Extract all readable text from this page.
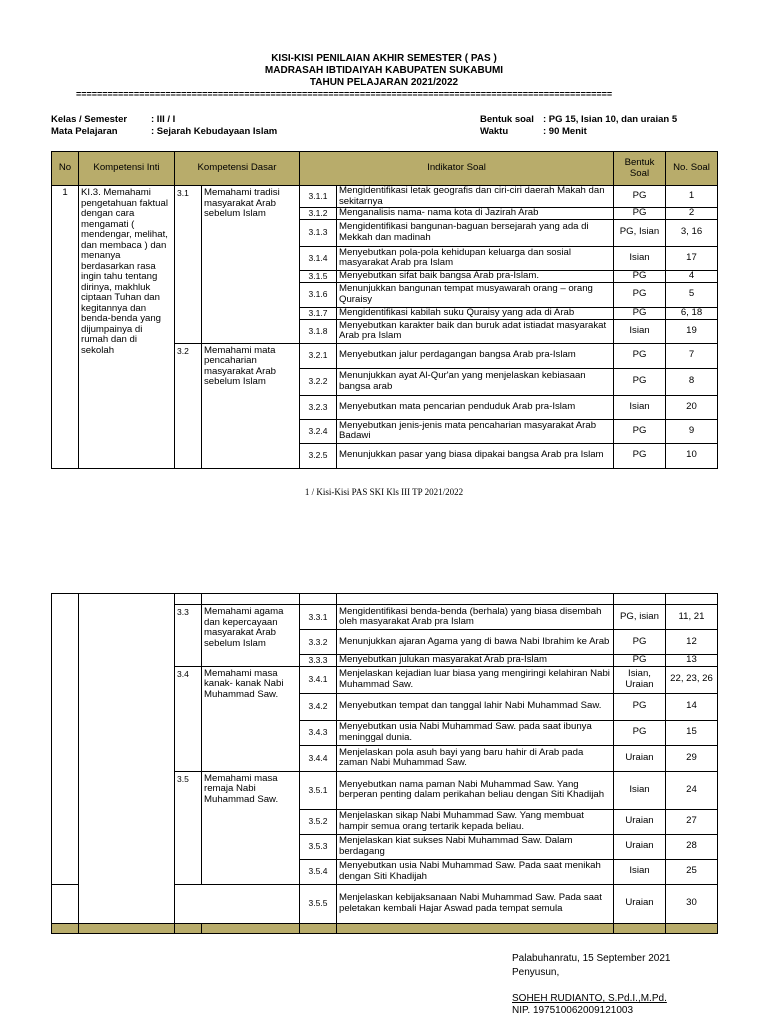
KISI-KISI PENILAIAN AKHIR SEMESTER ( PAS )
MADRASAH IBTIDAIYAH KABUPATEN SUKABUMI
TAHUN PELAJARAN 2021/2022
======================================================================================================
Kelas / Semester	: III / I
Mata Pelajaran	: Sejarah Kebudayaan Islam
Bentuk soal : PG 15, Isian 10, dan uraian 5
Waktu	: 90 Menit
No	Kompetensi Inti	Kompetensi Dasar		Indikator Soal		Bentuk Soal	No. Soal
1	KI.3. Memahami pengetahuan faktual dengan cara mengamati ( mendengar, melihat, dan membaca ) dan menanya berdasarkan rasa ingin tahu tentang dirinya, makhluk ciptaan Tuhan dan kegitannya dan benda-benda yang dijumpainya di rumah dan di sekolah	3.1	Memahami tradisi masyarakat Arab sebelum Islam	3.1.1	Mengidentifikasi letak geografis dan ciri-ciri daerah Makah dan sekitarnya	PG	1
				3.1.2	Menganalisis nama- nama kota di Jazirah Arab	PG	2
				3.1.3	Mengidentifikasi bangunan-baguan bersejarah yang ada di Mekkah dan madinah	PG, Isian	3, 16
				3.1.4	Menyebutkan pola-pola kehidupan keluarga dan sosial masyarakat Arab pra Islam	Isian	17
				3.1.5	Menyebutkan sifat baik bangsa Arab pra-Islam.	PG	4
				3.1.6	Menunjukkan bangunan tempat musyawarah orang – orang Quraisy	PG	5
				3.1.7	Mengidentifikasi kabilah suku Quraisy yang ada di Arab	PG	6, 18
				3.1.8	Menyebutkan karakter baik dan buruk adat istiadat masyarakat Arab pra Islam	Isian	19
		3.2	Memahami mata pencaharian masyarakat Arab sebelum Islam	3.2.1	Menyebutkan jalur perdagangan bangsa Arab pra-Islam	PG	7
				3.2.2	Menunjukkan ayat Al-Qur'an yang menjelaskan kebiasaan bangsa arab	PG	8
				3.2.3	Menyebutkan mata pencarian penduduk Arab pra-Islam	Isian	20
				3.2.4	Menyebutkan jenis-jenis mata pencaharian masyarakat Arab Badawi	PG	9
				3.2.5	Menunjukkan pasar yang biasa dipakai bangsa Arab pra Islam	PG	10
1 / Kisi-Kisi PAS SKI Kls III TP 2021/2022

		3.3	Memahami agama dan kepercayaan masyarakat Arab sebelum Islam	3.3.1	Mengidentifikasi benda-benda (berhala) yang biasa disembah oleh masyarakat Arab pra Islam	PG, isian	11, 21
				3.3.2	Menunjukkan ajaran Agama yang di bawa Nabi Ibrahim ke Arab	PG	12
				3.3.3	Menyebutkan julukan masyarakat Arab pra-Islam	PG	13
		3.4	Memahami masa kanak- kanak Nabi Muhammad Saw.	3.4.1	Menjelaskan kejadian luar biasa yang mengiringi kelahiran Nabi Muhammad Saw.	Isian, Uraian	22, 23, 26
				3.4.2	Menyebutkan tempat dan tanggal lahir Nabi Muhammad Saw.	PG	14
				3.4.3	Menyebutkan usia Nabi Muhammad Saw. pada saat ibunya meninggal dunia.	PG	15
				3.4.4	Menjelaskan pola asuh bayi yang baru hahir di Arab pada zaman Nabi Muhammad Saw.	Uraian	29
		3.5	Memahami masa remaja Nabi Muhammad Saw.	3.5.1	Menyebutkan nama paman Nabi Muhammad Saw. Yang berperan penting dalam perikahan beliau dengan Siti Khadijah	Isian	24
				3.5.2	Menjelaskan sikap Nabi Muhammad Saw. Yang membuat hampir semua orang tertarik kepada beliau.	Uraian	27
				3.5.3	Menjelaskan kiat sukses Nabi Muhammad Saw. Dalam berdagang	Uraian	28
				3.5.4	Menyebutkan usia Nabi Muhammad Saw. Pada saat menikah dengan Siti Khadijah	Isian	25
				3.5.5	Menjelaskan kebijaksanaan Nabi Muhammad Saw. Pada saat peletakan kembali Hajar Aswad pada tempat semula	Uraian	30

Palabuhanratu, 15 September 2021
Penyusun,
SOHEH RUDIANTO, S.Pd.I.,M.Pd.
NIP. 197510062009121003
